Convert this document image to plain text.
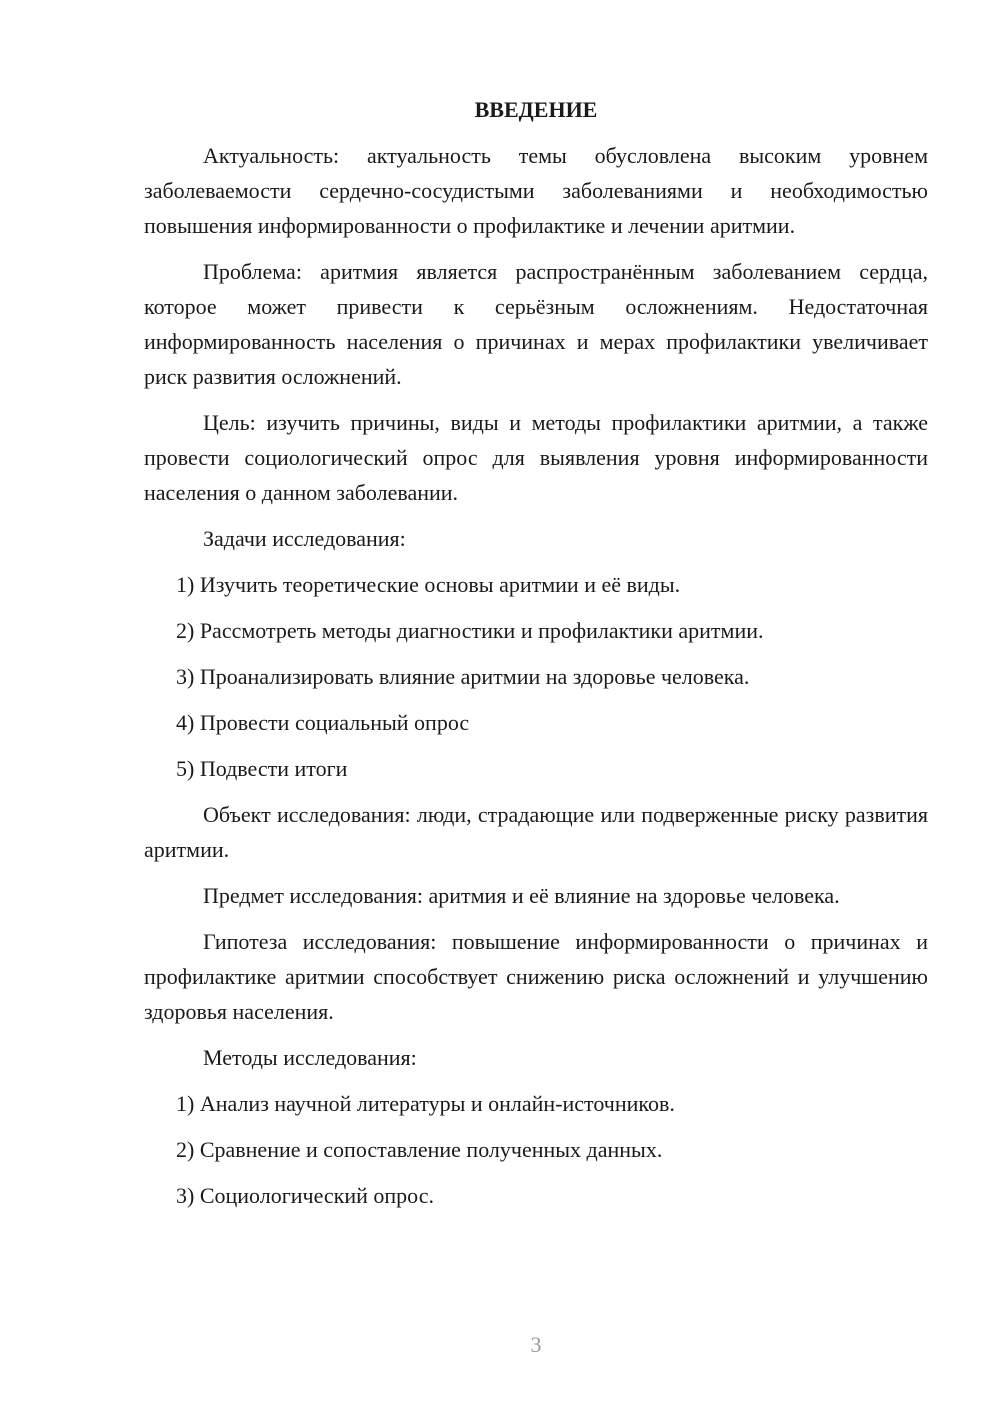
ВВЕДЕНИЕ
Актуальность: актуальность темы обусловлена высоким уровнем заболеваемости сердечно-сосудистыми заболеваниями и необходимостью повышения информированности о профилактике и лечении аритмии.
Проблема: аритмия является распространённым заболеванием сердца, которое может привести к серьёзным осложнениям. Недостаточная информированность населения о причинах и мерах профилактики увеличивает риск развития осложнений.
Цель: изучить причины, виды и методы профилактики аритмии, а также провести социологический опрос для выявления уровня информированности населения о данном заболевании.
Задачи исследования:
1) Изучить теоретические основы аритмии и её виды.
2) Рассмотреть методы диагностики и профилактики аритмии.
3) Проанализировать влияние аритмии на здоровье человека.
4) Провести социальный опрос
5) Подвести итоги
Объект исследования: люди, страдающие или подверженные риску развития аритмии.
Предмет исследования: аритмия и её влияние на здоровье человека.
Гипотеза исследования: повышение информированности о причинах и профилактике аритмии способствует снижению риска осложнений и улучшению здоровья населения.
Методы исследования:
1) Анализ научной литературы и онлайн-источников.
2) Сравнение и сопоставление полученных данных.
3) Социологический опрос.
3
